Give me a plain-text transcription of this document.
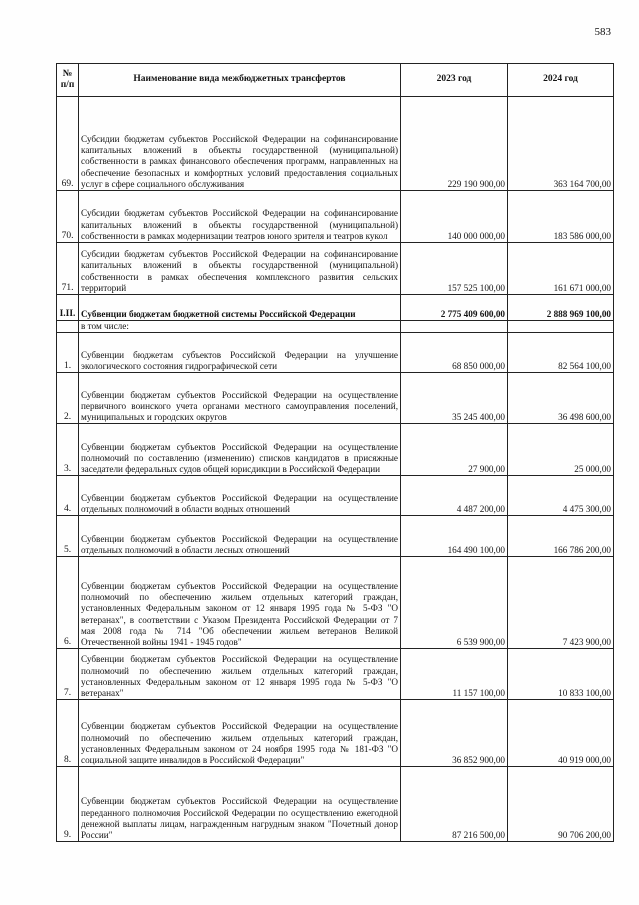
583
№ п/п	Наименование вида межбюджетных трансфертов	2023 год	2024 год
69.	Субсидии бюджетам субъектов Российской Федерации на софинансирование капитальных вложений в объекты государственной (муниципальной) собственности в рамках финансового обеспечения программ, направленных на обеспечение безопасных и комфортных условий предоставления социальных услуг в сфере социального обслуживания	229 190 900,00	363 164 700,00
70.	Субсидии бюджетам субъектов Российской Федерации на софинансирование капитальных вложений в объекты государственной (муниципальной) собственности в рамках модернизации театров юного зрителя и театров кукол	140 000 000,00	183 586 000,00
71.	Субсидии бюджетам субъектов Российской Федерации на софинансирование капитальных вложений в объекты государственной (муниципальной) собственности в рамках обеспечения комплексного развития сельских территорий	157 525 100,00	161 671 000,00
I.II.	Субвенции бюджетам бюджетной системы Российской Федерации	2 775 409 600,00	2 888 969 100,00
	в том числе:		
1.	Субвенции бюджетам субъектов Российской Федерации на улучшение экологического состояния гидрографической сети	68 850 000,00	82 564 100,00
2.	Субвенции бюджетам субъектов Российской Федерации на осуществление первичного воинского учета органами местного самоуправления поселений, муниципальных и городских округов	35 245 400,00	36 498 600,00
3.	Субвенции бюджетам субъектов Российской Федерации на осуществление полномочий по составлению (изменению) списков кандидатов в присяжные заседатели федеральных судов общей юрисдикции в Российской Федерации	27 900,00	25 000,00
4.	Субвенции бюджетам субъектов Российской Федерации на осуществление отдельных полномочий в области водных отношений	4 487 200,00	4 475 300,00
5.	Субвенции бюджетам субъектов Российской Федерации на осуществление отдельных полномочий в области лесных отношений	164 490 100,00	166 786 200,00
6.	Субвенции бюджетам субъектов Российской Федерации на осуществление полномочий по обеспечению жильем отдельных категорий граждан, установленных Федеральным законом от 12 января 1995 года № 5-ФЗ "О ветеранах", в соответствии с Указом Президента Российской Федерации от 7 мая 2008 года № 714 "Об обеспечении жильем ветеранов Великой Отечественной войны 1941 - 1945 годов"	6 539 900,00	7 423 900,00
7.	Субвенции бюджетам субъектов Российской Федерации на осуществление полномочий по обеспечению жильем отдельных категорий граждан, установленных Федеральным законом от 12 января 1995 года № 5-ФЗ "О ветеранах"	11 157 100,00	10 833 100,00
8.	Субвенции бюджетам субъектов Российской Федерации на осуществление полномочий по обеспечению жильем отдельных категорий граждан, установленных Федеральным законом от 24 ноября 1995 года № 181-ФЗ "О социальной защите инвалидов в Российской Федерации"	36 852 900,00	40 919 000,00
9.	Субвенции бюджетам субъектов Российской Федерации на осуществление переданного полномочия Российской Федерации по осуществлению ежегодной денежной выплаты лицам, награжденным нагрудным знаком "Почетный донор России"	87 216 500,00	90 706 200,00
